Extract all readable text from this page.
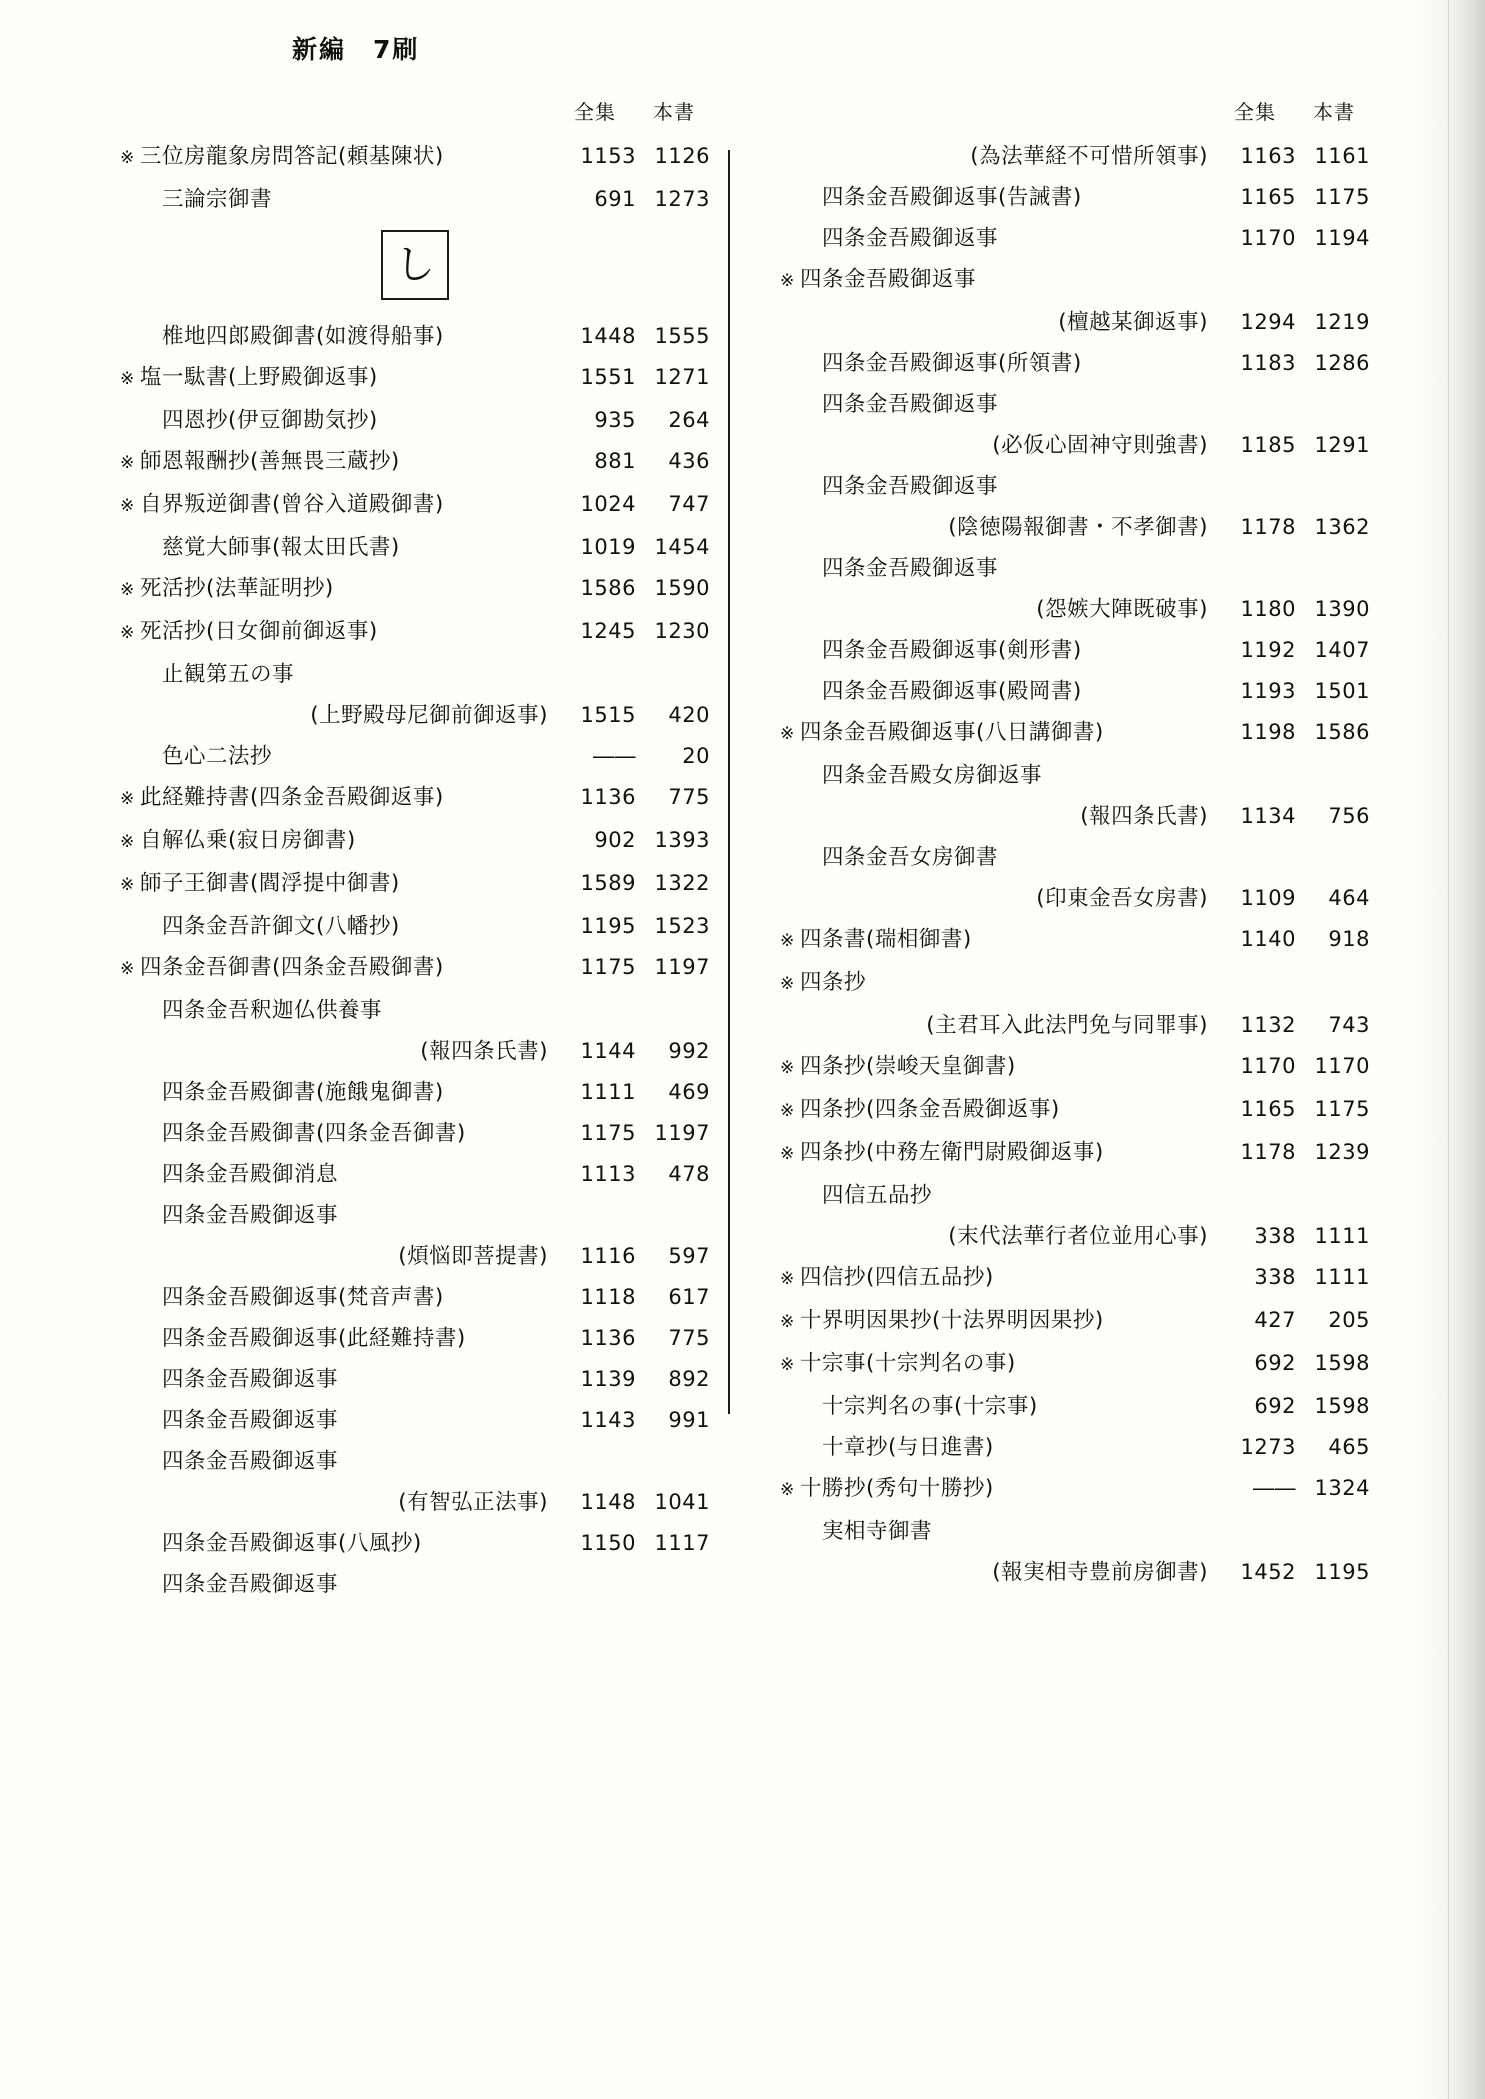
新編　7刷
全集	本書
※ 三位房龍象房問答記(頼基陳状)	1153 1126
三論宗御書	691 1273
し
椎地四郎殿御書(如渡得船事)	1448 1555
※ 塩一駄書(上野殿御返事)	1551 1271
四恩抄(伊豆御勘気抄)	935	264
※ 師恩報酬抄(善無畏三蔵抄)	881	436
※ 自界叛逆御書(曾谷入道殿御書)	1024	747
慈覚大師事(報太田氏書)	1019 1454
※ 死活抄(法華証明抄)	1586 1590
※ 死活抄(日女御前御返事)	1245 1230
止観第五の事
(上野殿母尼御前御返事)	1515	420
色心二法抄	――	20
※ 此経難持書(四条金吾殿御返事)	1136	775
※ 自解仏乗(寂日房御書)	902 1393
※ 師子王御書(閻浮提中御書)	1589 1322
四条金吾許御文(八幡抄)	1195 1523
※ 四条金吾御書(四条金吾殿御書)	1175 1197
四条金吾釈迦仏供養事
(報四条氏書)	1144	992
四条金吾殿御書(施餓鬼御書)	1111	469
四条金吾殿御書(四条金吾御書)	1175 1197
四条金吾殿御消息	1113	478
四条金吾殿御返事
(煩悩即菩提書)	1116	597
四条金吾殿御返事(梵音声書)	1118	617
四条金吾殿御返事(此経難持書)	1136	775
四条金吾殿御返事	1139	892
四条金吾殿御返事	1143	991
四条金吾殿御返事
(有智弘正法事)	1148 1041
四条金吾殿御返事(八風抄)	1150 1117
四条金吾殿御返事
全集	本書
(為法華経不可惜所領事)	1163 1161
四条金吾殿御返事(告誡書)	1165 1175
四条金吾殿御返事	1170 1194
※ 四条金吾殿御返事
(檀越某御返事)	1294 1219
四条金吾殿御返事(所領書)	1183 1286
四条金吾殿御返事
(必仮心固神守則強書)	1185 1291
四条金吾殿御返事
(陰徳陽報御書・不孝御書)	1178 1362
四条金吾殿御返事
(怨嫉大陣既破事)	1180 1390
四条金吾殿御返事(剣形書)	1192 1407
四条金吾殿御返事(殿岡書)	1193 1501
※ 四条金吾殿御返事(八日講御書)	1198 1586
四条金吾殿女房御返事
(報四条氏書)	1134	756
四条金吾女房御書
(印東金吾女房書)	1109	464
※ 四条書(瑞相御書)	1140	918
※ 四条抄
(主君耳入此法門免与同罪事)	1132	743
※ 四条抄(崇峻天皇御書)	1170 1170
※ 四条抄(四条金吾殿御返事)	1165 1175
※ 四条抄(中務左衛門尉殿御返事)	1178 1239
四信五品抄
(末代法華行者位並用心事)	338 1111
※ 四信抄(四信五品抄)	338 1111
※ 十界明因果抄(十法界明因果抄)	427	205
※ 十宗事(十宗判名の事)	692 1598
十宗判名の事(十宗事)	692 1598
十章抄(与日進書)	1273	465
※ 十勝抄(秀句十勝抄)	―― 1324
実相寺御書
(報実相寺豊前房御書)	1452 1195
